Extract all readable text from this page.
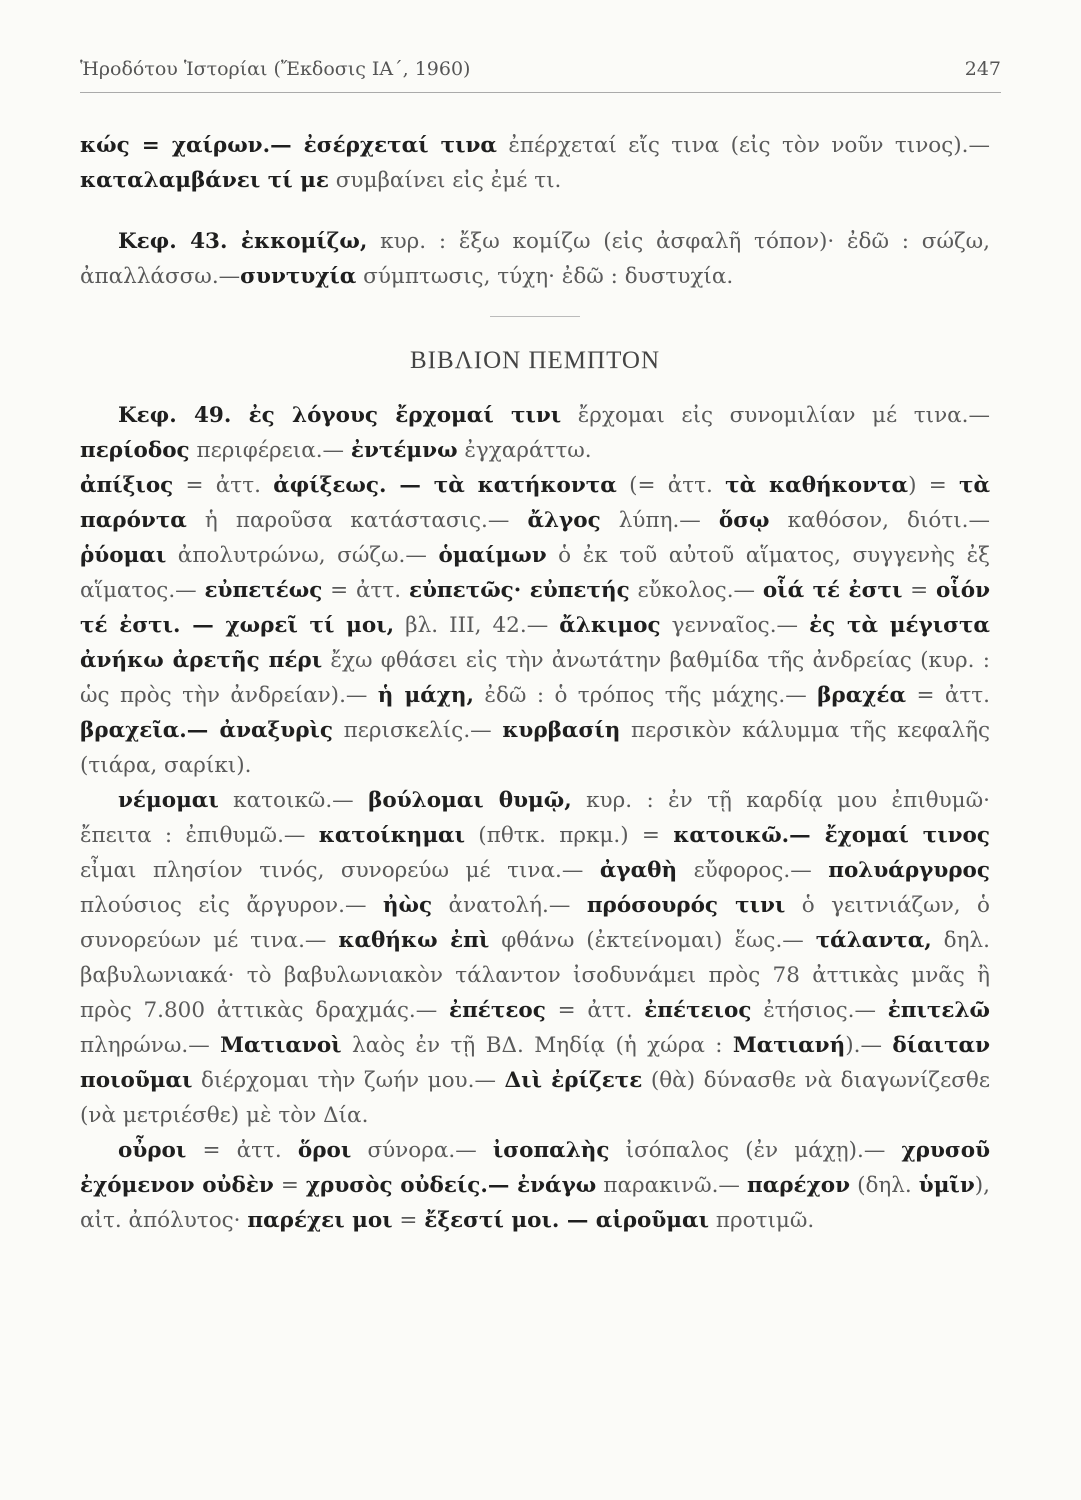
Ἡροδότου Ἱστορίαι (Ἔκδοσις ΙΑ΄, 1960)	247

κώς = χαίρων.— ἐσέρχεταί τινα ἐπέρχεταί εἴς τινα (εἰς τὸν νοῦν τινος).— καταλαμβάνει τί με συμβαίνει εἰς ἐμέ τι.

Κεφ. 43. ἐκκομίζω, κυρ. : ἔξω κομίζω (εἰς ἀσφαλῆ τόπον)· ἐδῶ : σώζω, ἀπαλλάσσω.—συντυχία σύμπτωσις, τύχη· ἐδῶ : δυστυχία.

ΒΙΒΛΙΟΝ ΠΕΜΠΤΟΝ

Κεφ. 49. ἐς λόγους ἔρχομαί τινι ἔρχομαι εἰς συνομιλίαν μέ τινα.— περίοδος περιφέρεια.— ἐντέμνω ἐγχαράττω.

ἀπίξιος = ἀττ. ἀφίξεως. — τὰ κατήκοντα (= ἀττ. τὰ καθήκοντα) = τὰ παρόντα ἡ παροῦσα κατάστασις.— ἄλγος λύπη.— ὅσῳ καθόσον, διότι.— ῥύομαι ἀπολυτρώνω, σώζω.— ὁμαίμων ὁ ἐκ τοῦ αὐτοῦ αἵματος, συγγενὴς ἐξ αἵματος.— εὐπετέως = ἀττ. εὐπετῶς· εὐπετής εὔκολος.— οἷά τέ ἐστι = οἷόν τέ ἐστι. — χωρεῖ τί μοι, βλ. III, 42.— ἄλκιμος γενναῖος.— ἐς τὰ μέγιστα ἀνήκω ἀρετῆς πέρι ἔχω φθάσει εἰς τὴν ἀνωτάτην βαθμίδα τῆς ἀνδρείας (κυρ. : ὡς πρὸς τὴν ἀνδρείαν).— ἡ μάχη, ἐδῶ : ὁ τρόπος τῆς μάχης.— βραχέα = ἀττ. βραχεῖα.— ἀναξυρὶς περισκελίς.— κυρβασίη περσικὸν κάλυμμα τῆς κεφαλῆς (τιάρα, σαρίκι).

νέμομαι κατοικῶ.— βούλομαι θυμῷ, κυρ. : ἐν τῇ καρδίᾳ μου ἐπιθυμῶ· ἔπειτα : ἐπιθυμῶ.— κατοίκημαι (πθτκ. πρκμ.) = κατοικῶ.— ἔχομαί τινος εἶμαι πλησίον τινός, συνορεύω μέ τινα.— ἀγαθὴ εὔφορος.— πολυάργυρος πλούσιος εἰς ἄργυρον.— ἠὼς ἀνατολή.— πρόσουρός τινι ὁ γειτνιάζων, ὁ συνορεύων μέ τινα.— καθήκω ἐπὶ φθάνω (ἐκτείνομαι) ἕως.— τάλαντα, δηλ. βαβυλωνιακά· τὸ βαβυλωνιακὸν τάλαντον ἰσοδυνάμει πρὸς 78 ἀττικὰς μνᾶς ἢ πρὸς 7.800 ἀττικὰς δραχμάς.— ἐπέτεος = ἀττ. ἐπέτειος ἐτήσιος.— ἐπιτελῶ πληρώνω.— Ματιανοὶ λαὸς ἐν τῇ ΒΔ. Μηδίᾳ (ἡ χώρα : Ματιανή).— δίαιταν ποιοῦμαι διέρχομαι τὴν ζωήν μου.— Διὶ ἐρίζετε (θὰ) δύνασθε νὰ διαγωνίζεσθε (νὰ μετριέσθε) μὲ τὸν Δία.

οὖροι = ἀττ. ὅροι σύνορα.— ἰσοπαλὴς ἰσόπαλος (ἐν μάχῃ).— χρυσοῦ ἐχόμενον οὐδὲν = χρυσὸς οὐδείς.— ἐνάγω παρακινῶ.— παρέχον (δηλ. ὑμῖν), αἰτ. ἀπόλυτος· παρέχει μοι = ἔξεστί μοι. — αἱροῦμαι προτιμῶ.
